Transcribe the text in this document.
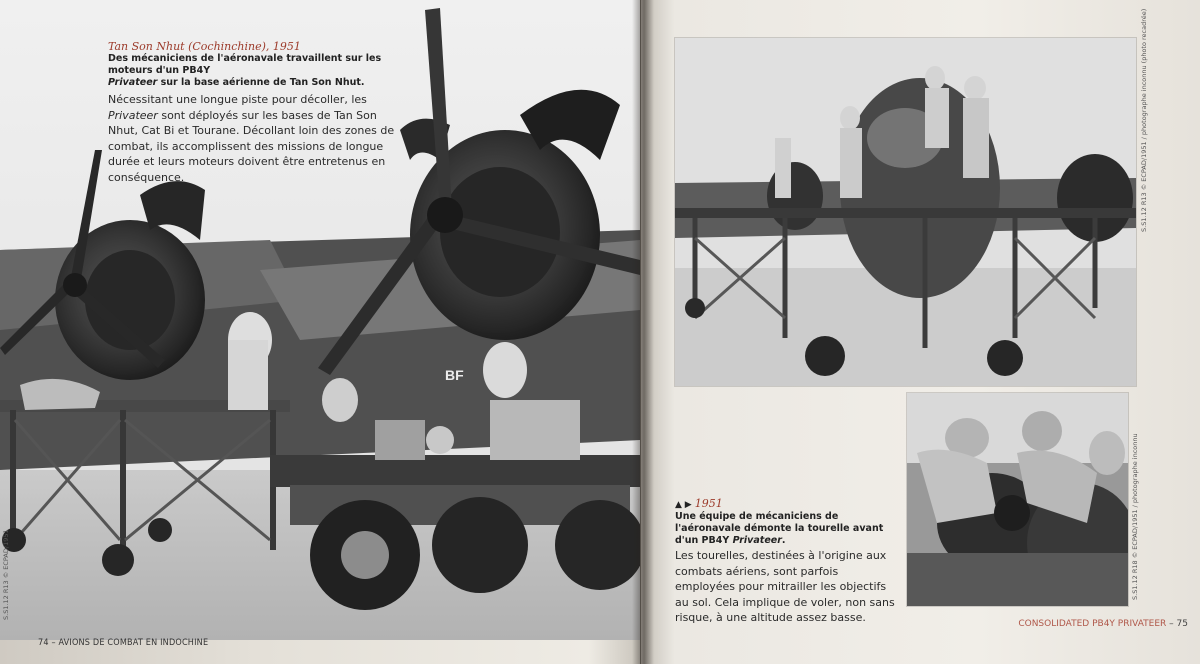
BF
Tan Son Nhut (Cochinchine), 1951
Des mécaniciens de l'aéronavale travaillent sur les moteurs d'un PB4Y
Privateer sur la base aérienne de Tan Son Nhut.
Nécessitant une longue piste pour décoller, les Privateer sont déployés sur les bases de Tan Son Nhut, Cat Bi et Tourane. Décollant loin des zones de combat, ils accomplissent des missions de longue durée et leurs moteurs doivent être entretenus en conséquence.
S.S1.12 R13 © ECPAD/1951
74 – AVIONS DE COMBAT EN INDOCHINE
S.S1.12 R13 © ECPAD/1951 / photographe inconnu (photo recadrée)
S.S1.12 R18 © ECPAD/1951 / photographe inconnu
▲ ▶ 1951
Une équipe de mécaniciens de l'aéronavale démonte la tourelle avant d'un PB4Y Privateer.
Les tourelles, destinées à l'origine aux combats aériens, sont parfois employées pour mitrailler les objectifs au sol. Cela implique de voler, non sans risque, à une altitude assez basse.	CONSOLIDATED PB4Y PRIVATEER – 75
